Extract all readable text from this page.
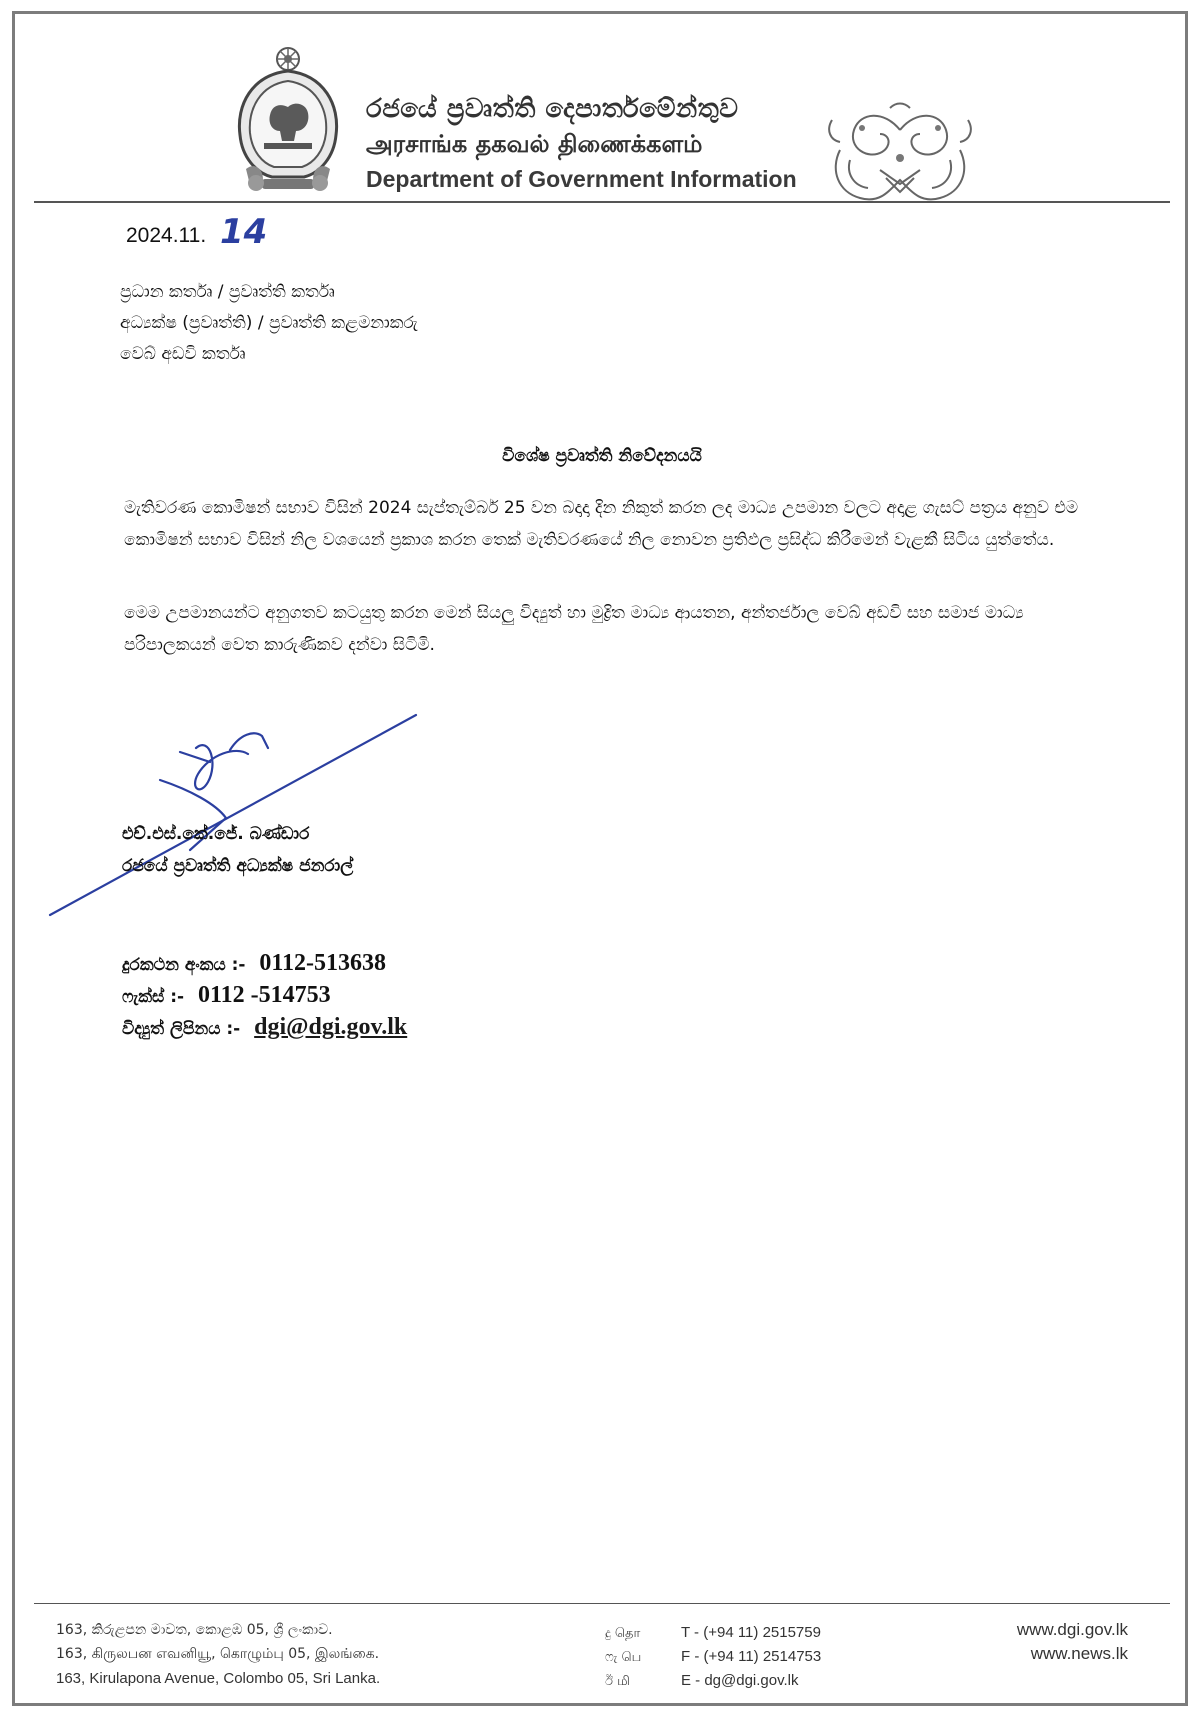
රජයේ ප්‍රවෘත්ති දෙපාර්තමේන්තුව
அரசாங்க தகவல் திணைக்களம்
Department of Government Information
2024.11. 14
ප්‍රධාන කර්තෘ / ප්‍රවෘත්ති කර්තෘ
අධ්‍යක්ෂ (ප්‍රවෘත්ති) / ප්‍රවෘත්ති කළමනාකරු
වෙබ් අඩවි කර්තෘ
විශේෂ ප්‍රවෘත්ති නිවේදනයයි
මැතිවරණ කොමිෂන් සභාව විසින් 2024 සැප්තැම්බර් 25 වන බදාදා දින නිකුත් කරන ලද මාධ්‍ය උපමාන වලට අදාළ ගැසට් පත්‍රය අනුව එම කොමිෂන් සභාව විසින් නිල වශයෙන් ප්‍රකාශ කරන තෙක් මැතිවරණයේ නිල නොවන ප්‍රතිඵල ප්‍රසිද්ධ කිරීමෙන් වැළකී සිටිය යුත්තේය.
මෙම උපමානයන්ට අනුගතව කටයුතු කරන මෙන් සියලු විද්‍යුත් හා මුද්‍රිත මාධ්‍ය ආයතන, අන්තර්ජාල වෙබ් අඩවි සහ සමාජ මාධ්‍ය පරිපාලකයන් වෙත කාරුණිකව දන්වා සිටිමි.
එච්.එස්.කේ.ජේ. බණ්ඩාර
රජයේ ප්‍රවෘත්ති අධ්‍යක්ෂ ජනරාල්
දුරකථන අංකය :- 0112-513638
ෆැක්ස් :- 0112 -514753
විද්‍යුත් ලිපිනය :- dgi@dgi.gov.lk
163, කිරුළපන මාවත, කොළඹ 05, ශ්‍රී ලංකාව.
163, கிருலபன எவனியூ, கொழும்பு 05, இலங்கை.
163, Kirulapona Avenue, Colombo 05, Sri Lanka.
දු தொ	T - (+94 11) 2515759
ෆැ பெ	F - (+94 11) 2514753
ඊ மி	E - dg@dgi.gov.lk
www.dgi.gov.lk
www.news.lk
